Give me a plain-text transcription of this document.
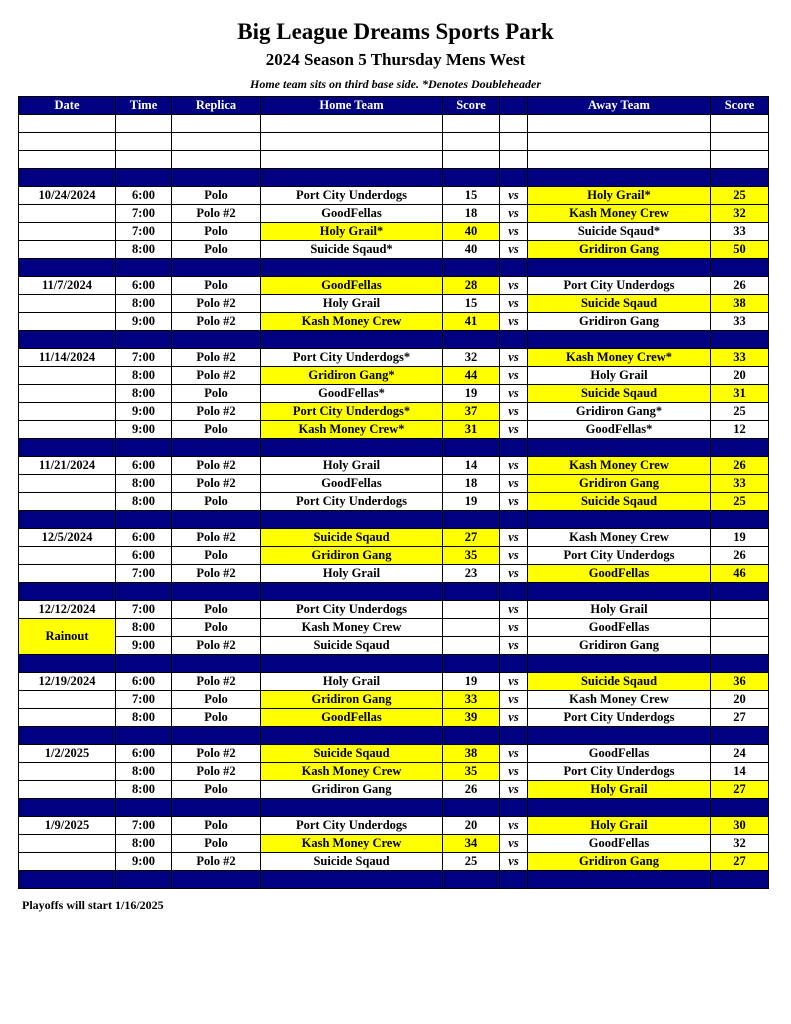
Big League Dreams Sports Park
2024 Season 5 Thursday Mens West
Home team sits on third base side. *Denotes Doubleheader
Date	Time	Replica	Home Team	Score		Away Team	Score

10/24/2024	6:00	Polo	Port City Underdogs	15	vs	Holy Grail*	25
	7:00	Polo #2	GoodFellas	18	vs	Kash Money Crew	32
	7:00	Polo	Holy Grail*	40	vs	Suicide Sqaud*	33
	8:00	Polo	Suicide Sqaud*	40	vs	Gridiron Gang	50

11/7/2024	6:00	Polo	GoodFellas	28	vs	Port City Underdogs	26
	8:00	Polo #2	Holy Grail	15	vs	Suicide Sqaud	38
	9:00	Polo #2	Kash Money Crew	41	vs	Gridiron Gang	33

11/14/2024	7:00	Polo #2	Port City Underdogs*	32	vs	Kash Money Crew*	33
	8:00	Polo #2	Gridiron Gang*	44	vs	Holy Grail	20
	8:00	Polo	GoodFellas*	19	vs	Suicide Sqaud	31
	9:00	Polo #2	Port City Underdogs*	37	vs	Gridiron Gang*	25
	9:00	Polo	Kash Money Crew*	31	vs	GoodFellas*	12

11/21/2024	6:00	Polo #2	Holy Grail	14	vs	Kash Money Crew	26
	8:00	Polo #2	GoodFellas	18	vs	Gridiron Gang	33
	8:00	Polo	Port City Underdogs	19	vs	Suicide Sqaud	25

12/5/2024	6:00	Polo #2	Suicide Sqaud	27	vs	Kash Money Crew	19
	6:00	Polo	Gridiron Gang	35	vs	Port City Underdogs	26
	7:00	Polo #2	Holy Grail	23	vs	GoodFellas	46

12/12/2024	7:00	Polo	Port City Underdogs		vs	Holy Grail	
Rainout	8:00	Polo	Kash Money Crew		vs	GoodFellas	
	9:00	Polo #2	Suicide Sqaud		vs	Gridiron Gang	

12/19/2024	6:00	Polo #2	Holy Grail	19	vs	Suicide Sqaud	36
	7:00	Polo	Gridiron Gang	33	vs	Kash Money Crew	20
	8:00	Polo	GoodFellas	39	vs	Port City Underdogs	27

1/2/2025	6:00	Polo #2	Suicide Sqaud	38	vs	GoodFellas	24
	8:00	Polo #2	Kash Money Crew	35	vs	Port City Underdogs	14
	8:00	Polo	Gridiron Gang	26	vs	Holy Grail	27

1/9/2025	7:00	Polo	Port City Underdogs	20	vs	Holy Grail	30
	8:00	Polo	Kash Money Crew	34	vs	GoodFellas	32
	9:00	Polo #2	Suicide Sqaud	25	vs	Gridiron Gang	27

Playoffs will start 1/16/2025
